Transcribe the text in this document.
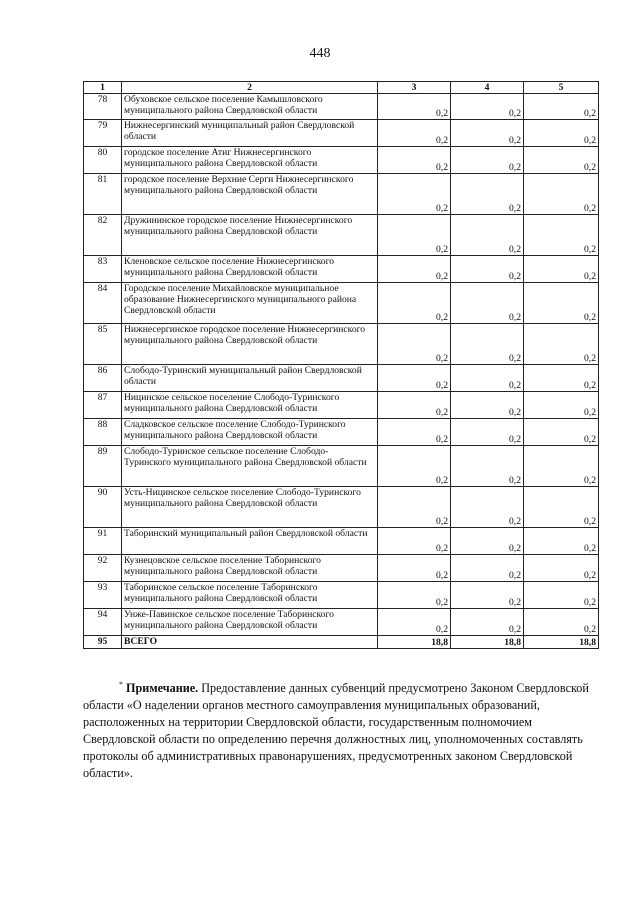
448
1	2	3	4	5
78	Обуховское сельское поселение Камышловского муниципального района Свердловской области	0,2	0,2	0,2
79	Нижнесергинский муниципальный район Свердловской области	0,2	0,2	0,2
80	городское поселение Атиг Нижнесергинского муниципального района Свердловской области	0,2	0,2	0,2
81	городское поселение Верхние Серги Нижнесергинского муниципального района Свердловской области	0,2	0,2	0,2
82	Дружининское городское поселение Нижнесергинского муниципального района Свердловской области	0,2	0,2	0,2
83	Кленовское сельское поселение Нижнесергинского муниципального района Свердловской области	0,2	0,2	0,2
84	Городское поселение Михайловское муниципальное образование Нижнесергинского муниципального района Свердловской области	0,2	0,2	0,2
85	Нижнесергинское городское поселение Нижнесергинского муниципального района Свердловской области	0,2	0,2	0,2
86	Слободо-Туринский муниципальный район Свердловской области	0,2	0,2	0,2
87	Ницинское сельское поселение Слободо-Туринского муниципального района Свердловской области	0,2	0,2	0,2
88	Сладковское сельское поселение Слободо-Туринского муниципального района Свердловской области	0,2	0,2	0,2
89	Слободо-Туринское сельское поселение Слободо-Туринского муниципального района Свердловской области	0,2	0,2	0,2
90	Усть-Ницинское сельское поселение Слободо-Туринского муниципального района Свердловской области	0,2	0,2	0,2
91	Таборинский муниципальный район Свердловской области	0,2	0,2	0,2
92	Кузнецовское сельское поселение Таборинского муниципального района Свердловской области	0,2	0,2	0,2
93	Таборинское сельское поселение Таборинского муниципального района Свердловской области	0,2	0,2	0,2
94	Унже-Павинское сельское поселение Таборинского муниципального района Свердловской области	0,2	0,2	0,2
95	ВСЕГО	18,8	18,8	18,8
* Примечание. Предоставление данных субвенций предусмотрено Законом Свердловской области «О наделении органов местного самоуправления муниципальных образований, расположенных на территории Свердловской области, государственным полномочием Свердловской области по определению перечня должностных лиц, уполномоченных составлять протоколы об административных правонарушениях, предусмотренных законом Свердловской области».
